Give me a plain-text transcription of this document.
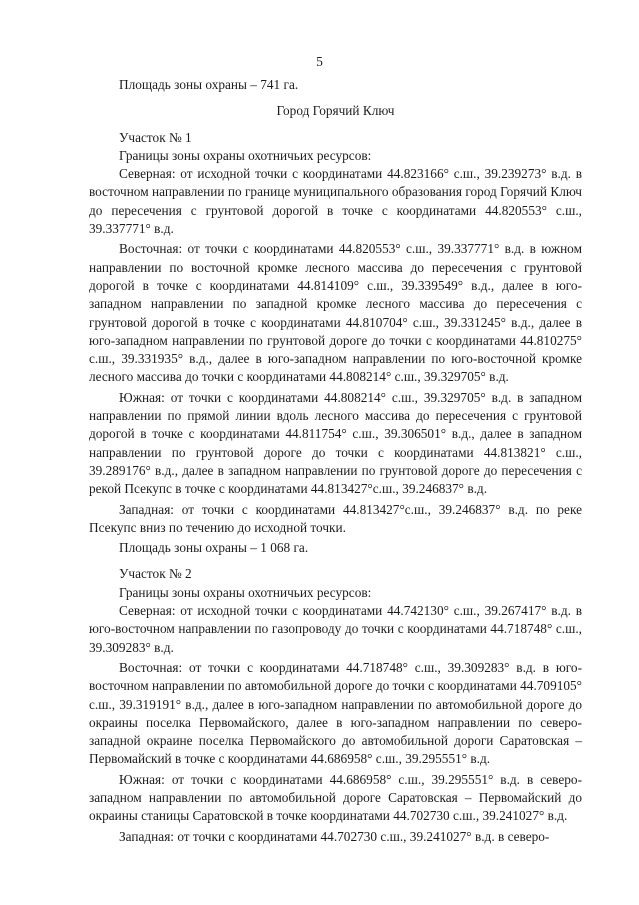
5

Площадь зоны охраны – 741 га.

Город Горячий Ключ

Участок № 1

Границы зоны охраны охотничьих ресурсов:

Северная: от исходной точки с координатами 44.823166° с.ш., 39.239273° в.д. в восточном направлении по границе муниципального образования город Горячий Ключ до пересечения с грунтовой дорогой в точке с координатами 44.820553° с.ш., 39.337771° в.д.

Восточная: от точки с координатами 44.820553° с.ш., 39.337771° в.д. в южном направлении по восточной кромке лесного массива до пересечения с грунтовой дорогой в точке с координатами 44.814109° с.ш., 39.339549° в.д., далее в юго-западном направлении по западной кромке лесного массива до пересечения с грунтовой дорогой в точке с координатами 44.810704° с.ш., 39.331245° в.д., далее в юго-западном направлении по грунтовой дороге до точки с координатами 44.810275° с.ш., 39.331935° в.д., далее в юго-западном направлении по юго-восточной кромке лесного массива до точки с координатами 44.808214° с.ш., 39.329705° в.д.

Южная: от точки с координатами 44.808214° с.ш., 39.329705° в.д. в западном направлении по прямой линии вдоль лесного массива до пересечения с грунтовой дорогой в точке с координатами 44.811754° с.ш., 39.306501° в.д., далее в западном направлении по грунтовой дороге до точки с координатами 44.813821° с.ш., 39.289176° в.д., далее в западном направлении по грунтовой дороге до пересечения с рекой Псекупс в точке с координатами 44.813427°с.ш., 39.246837° в.д.

Западная: от точки с координатами 44.813427°с.ш., 39.246837° в.д. по реке Псекупс вниз по течению до исходной точки.

Площадь зоны охраны – 1 068 га.

Участок № 2

Границы зоны охраны охотничьих ресурсов:

Северная: от исходной точки с координатами 44.742130° с.ш., 39.267417° в.д. в юго-восточном направлении по газопроводу до точки с координатами 44.718748° с.ш., 39.309283° в.д.

Восточная: от точки с координатами 44.718748° с.ш., 39.309283° в.д. в юго-восточном направлении по автомобильной дороге до точки с координатами 44.709105° с.ш., 39.319191° в.д., далее в юго-западном направлении по автомобильной дороге до окраины поселка Первомайского, далее в юго-западном направлении по северо-западной окраине поселка Первомайского до автомобильной дороги Саратовская – Первомайский в точке с координатами 44.686958° с.ш., 39.295551° в.д.

Южная: от точки с координатами 44.686958° с.ш., 39.295551° в.д. в северо-западном направлении по автомобильной дороге Саратовская – Первомайский до окраины станицы Саратовской в точке координатами 44.702730 с.ш., 39.241027° в.д.

Западная: от точки с координатами 44.702730 с.ш., 39.241027° в.д. в северо-
